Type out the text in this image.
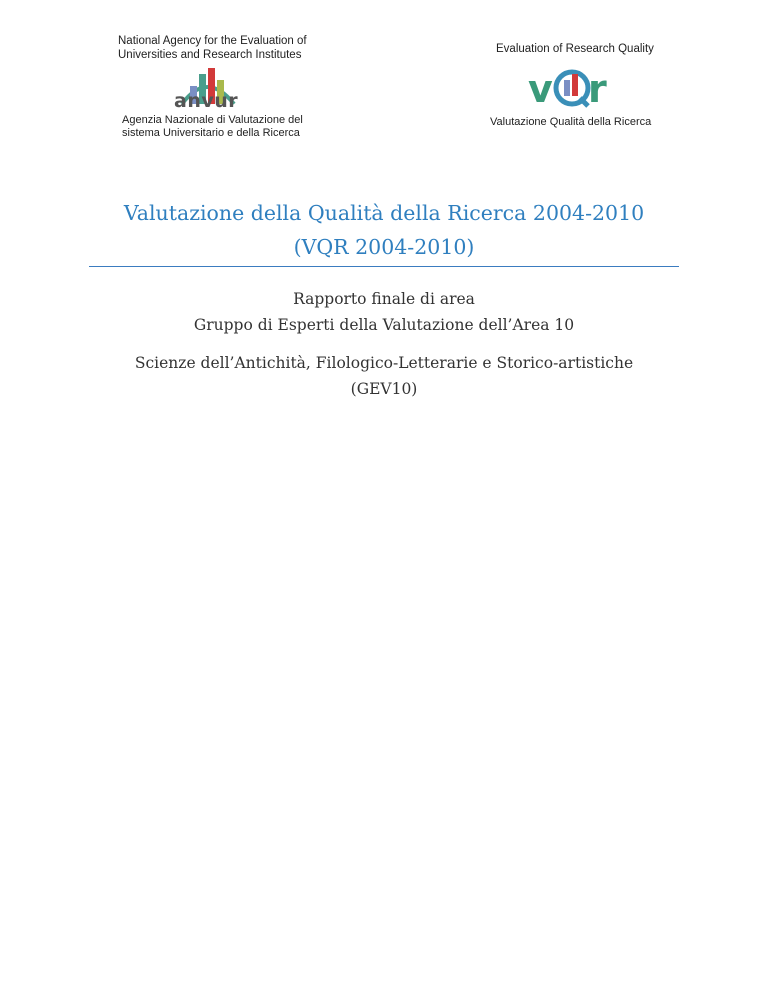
National Agency for the Evaluation of
Universities and Research Institutes
anvur
Agenzia Nazionale di Valutazione del
sistema Universitario e della Ricerca
Evaluation of Research Quality
v r
Valutazione Qualità della Ricerca
Valutazione della Qualità della Ricerca 2004-2010
(VQR 2004-2010)
Rapporto finale di area
Gruppo di Esperti della Valutazione dell’Area 10
Scienze dell’Antichità, Filologico-Letterarie e Storico-artistiche
(GEV10)
